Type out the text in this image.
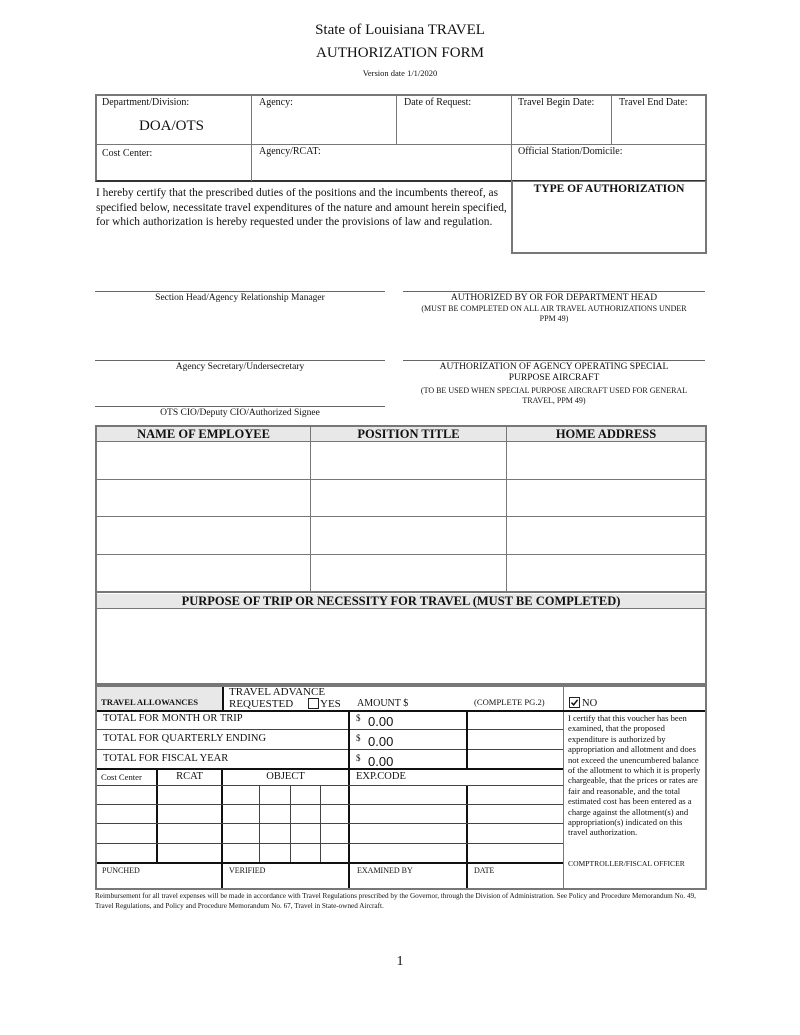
State of Louisiana TRAVEL
AUTHORIZATION FORM
Version date 1/1/2020
Department/Division:
DOA/OTS
Agency:	Date of Request:	Travel Begin Date: Travel End Date:
Cost Center:	Agency/RCAT:	Official Station/Domicile:
I hereby certify that the prescribed duties of the positions and the incumbents thereof, as specified below, necessitate travel expenditures of the nature and amount herein specified, for which authorization is hereby requested under the provisions of law and regulation.
TYPE OF AUTHORIZATION
Section Head/Agency Relationship Manager	AUTHORIZED BY OR FOR DEPARTMENT HEAD
(MUST BE COMPLETED ON ALL AIR TRAVEL AUTHORIZATIONS UNDER PPM 49)
Agency Secretary/Undersecretary	AUTHORIZATION OF AGENCY OPERATING SPECIAL PURPOSE AIRCRAFT
(TO BE USED WHEN SPECIAL PURPOSE AIRCRAFT USED FOR GENERAL TRAVEL, PPM 49)
OTS CIO/Deputy CIO/Authorized Signee
NAME OF EMPLOYEE	POSITION TITLE	HOME ADDRESS
PURPOSE OF TRIP OR NECESSITY FOR TRAVEL (MUST BE COMPLETED)
TRAVEL ALLOWANCES
TRAVEL ADVANCE
REQUESTED YES AMOUNT $	(COMPLETE PG.2)	NO
TOTAL FOR MONTH OR TRIP	$ 0.00
TOTAL FOR QUARTERLY ENDING	$ 0.00
TOTAL FOR FISCAL YEAR	$ 0.00
Cost Center	RCAT	OBJECT	EXP.CODE
PUNCHED	VERIFIED	EXAMINED BY	DATE
I certify that this voucher has been examined, that the proposed expenditure is authorized by appropriation and allotment and does not exceed the unencumbered balance of the allotment to which it is properly chargeable, that the prices or rates are fair and reasonable, and the total estimated cost has been entered as a charge against the allotment(s) and appropriation(s) indicated on this travel authorization.
COMPTROLLER/FISCAL OFFICER
Reimbursement for all travel expenses will be made in accordance with Travel Regulations prescribed by the Governor, through the Division of Administration. See Policy and Procedure Memorandum No. 49, Travel Regulations, and Policy and Procedure Memorandum No. 67, Travel in State-owned Aircraft.
1
